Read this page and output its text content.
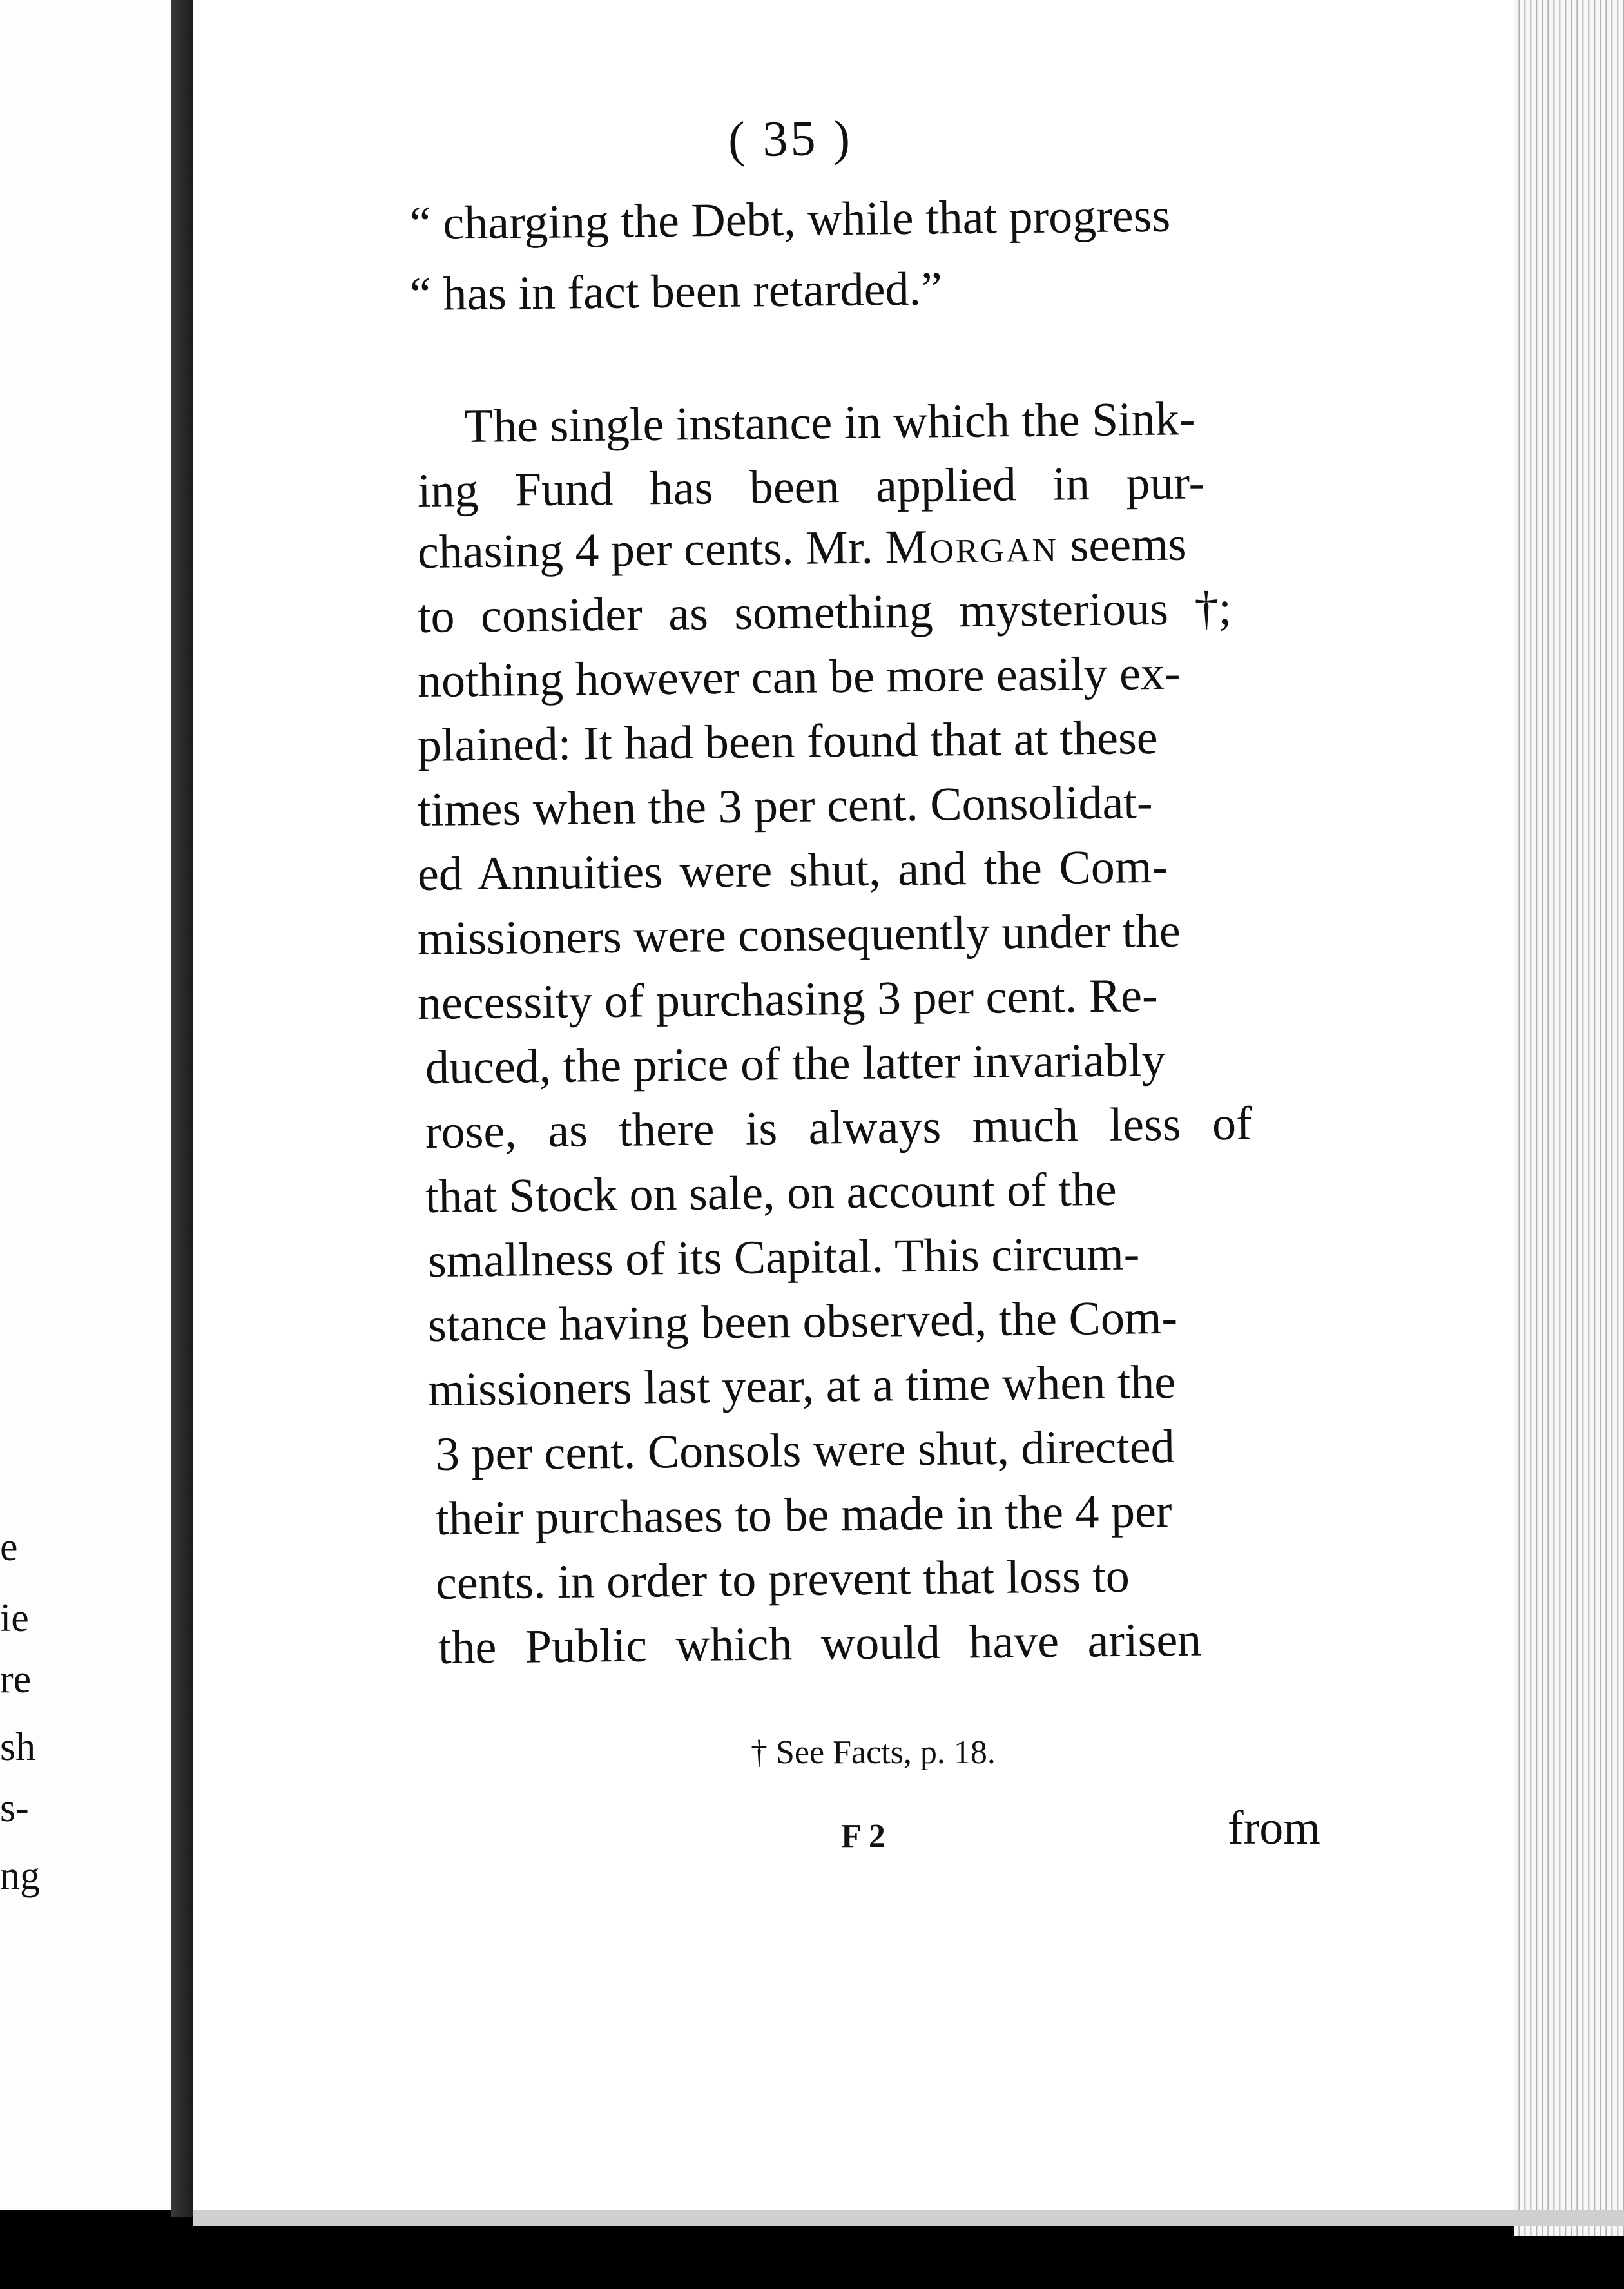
e
ie
re
sh
s-
ng
( 35 )
“ charging the Debt, while that progress
“ has in fact been retarded.”
The single instance in which the Sink-
ing Fund has been applied in pur-
chasing 4 per cents. Mr. Morgan seems
to consider as something mysterious †;
nothing however can be more easily ex-
plained: It had been found that at these
times when the 3 per cent. Consolidat-
ed Annuities were shut, and the Com-
missioners were consequently under the
necessity of purchasing 3 per cent. Re-
duced, the price of the latter invariably
rose, as there is always much less of
that Stock on sale, on account of the
smallness of its Capital. This circum-
stance having been observed, the Com-
missioners last year, at a time when the
3 per cent. Consols were shut, directed
their purchases to be made in the 4 per
cents. in order to prevent that loss to
the Public which would have arisen
† See Facts, p. 18.
F 2	from
